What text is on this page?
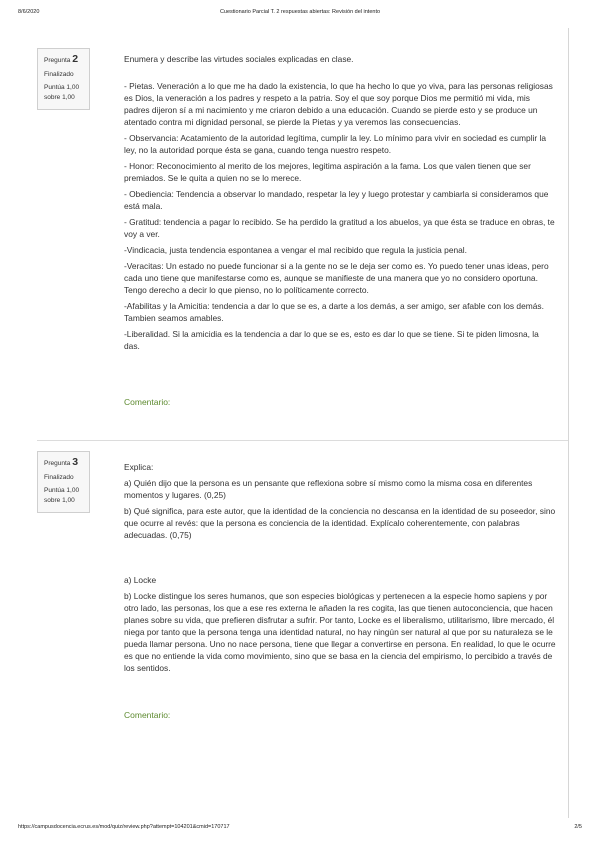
8/6/2020	Cuestionario Parcial T. 2 respuestas abiertas: Revisión del intento
Pregunta 2
Finalizado
Puntúa 1,00
sobre 1,00

Enumera y describe las virtudes sociales explicadas en clase.

- Pietas. Veneración a lo que me ha dado la existencia, lo que ha hecho lo que yo viva, para las personas religiosas es Dios, la veneración a los padres y respeto a la patria. Soy el que soy porque Dios me permitió mi vida, mis padres dijeron sí a mi nacimiento y me criaron debido a una educación. Cuando se pierde esto y se produce un atentado contra mi dignidad personal, se pierde la Pietas y ya veremos las consecuencias.

- Observancia: Acatamiento de la autoridad legítima, cumplir la ley. Lo mínimo para vivir en sociedad es cumplir la ley, no la autoridad porque ésta se gana, cuando tenga nuestro respeto.

- Honor: Reconocimiento al merito de los mejores, legitima aspiración a la fama. Los que valen tienen que ser premiados. Se le quita a quien no se lo merece.

- Obediencia: Tendencia a observar lo mandado, respetar la ley y luego protestar y cambiarla si consideramos que está mala.

- Gratitud: tendencia a pagar lo recibido. Se ha perdido la gratitud a los abuelos, ya que ésta se traduce en obras, te voy a ver.

-Vindicacia, justa tendencia espontanea a vengar el mal recibido que regula la justicia penal.

-Veracitas: Un estado no puede funcionar si a la gente no se le deja ser como es. Yo puedo tener unas ideas, pero cada uno tiene que manifestarse como es, aunque se manifieste de una manera que yo no considero oportuna. Tengo derecho a decir lo que pienso, no lo políticamente correcto.

-Afabilitas y la Amicitia: tendencia a dar lo que se es, a darte a los demás, a ser amigo, ser afable con los demás. Tambien seamos amables.

-Liberalidad. Si la amicidia es la tendencia a dar lo que se es, esto es dar lo que se tiene. Si te piden limosna, la das.

Comentario:
Pregunta 3
Finalizado
Puntúa 1,00
sobre 1,00

Explica:

a) Quién dijo que la persona es un pensante que reflexiona sobre sí mismo como la misma cosa en diferentes momentos y lugares. (0,25)

b) Qué significa, para este autor, que la identidad de la conciencia no descansa en la identidad de su poseedor, sino que ocurre al revés: que la persona es conciencia de la identidad. Explícalo coherentemente, con palabras adecuadas. (0,75)

a) Locke

b) Locke distingue los seres humanos, que son especies biológicas y pertenecen a la especie homo sapiens y por otro lado, las personas, los que a ese res externa le añaden la res cogita, las que tienen autoconciencia, que hacen planes sobre su vida, que prefieren disfrutar a sufrir. Por tanto, Locke es el liberalismo, utilitarismo, libre mercado, él niega por tanto que la persona tenga una identidad natural, no hay ningún ser natural al que por su naturaleza se le pueda llamar persona. Uno no nace persona, tiene que llegar a convertirse en persona. En realidad, lo que le ocurre es que no entiende la vida como movimiento, sino que se basa en la ciencia del empirismo, lo percibido a través de los sentidos.

Comentario:
https://campusdocencia.ecrus.es/mod/quiz/review.php?attempt=104201&cmid=170717	2/5
